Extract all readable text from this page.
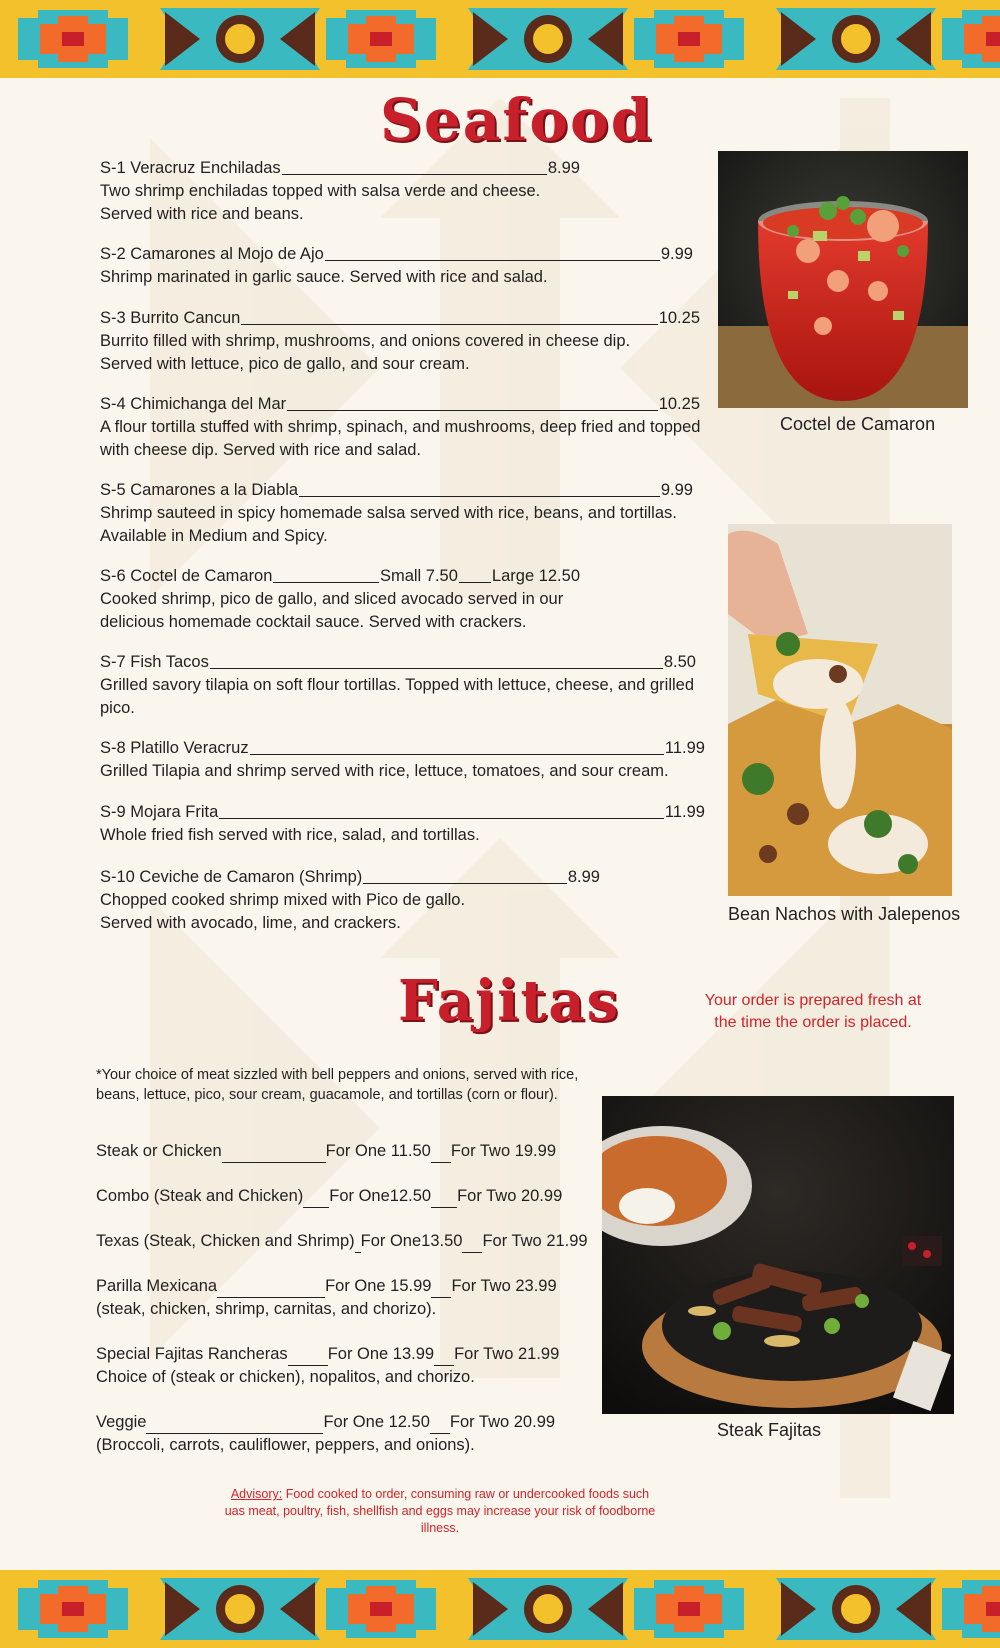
Seafood
S-1 Veracruz Enchiladas	8.99
Two shrimp enchiladas topped with salsa verde and cheese.
Served with rice and beans.
S-2 Camarones al Mojo de Ajo	9.99
Shrimp marinated in garlic sauce. Served with rice and salad.
S-3 Burrito Cancun	10.25
Burrito filled with shrimp, mushrooms, and onions covered in cheese dip.
Served with lettuce, pico de gallo, and sour cream.
S-4 Chimichanga del Mar	10.25
A flour tortilla stuffed with shrimp, spinach, and mushrooms, deep fried and topped
with cheese dip. Served with rice and salad.
S-5 Camarones a la Diabla	9.99
Shrimp sauteed in spicy homemade salsa served with rice, beans, and tortillas.
Available in Medium and Spicy.
S-6 Coctel de Camaron	Small 7.50 Large 12.50
Cooked shrimp, pico de gallo, and sliced avocado served in our
delicious homemade cocktail sauce. Served with crackers.
S-7 Fish Tacos	8.50
Grilled savory tilapia on soft flour tortillas. Topped with lettuce, cheese, and grilled
pico.
S-8 Platillo Veracruz	11.99
Grilled Tilapia and shrimp served with rice, lettuce, tomatoes, and sour cream.
S-9 Mojara Frita	11.99
Whole fried fish served with rice, salad, and tortillas.
S-10 Ceviche de Camaron (Shrimp)	8.99
Chopped cooked shrimp mixed with Pico de gallo.
Served with avocado, lime, and crackers.
Coctel de Camaron
Bean Nachos with Jalepenos
Fajitas	Your order is prepared fresh at
the time the order is placed.
*Your choice of meat sizzled with bell peppers and onions, served with rice,
beans, lettuce, pico, sour cream, guacamole, and tortillas (corn or flour).
Steak or Chicken	For One 11.50 For Two 19.99
Combo (Steak and Chicken) For One12.50 For Two 20.99
Texas (Steak, Chicken and Shrimp) For One13.50 For Two 21.99
Parilla Mexicana	For One 15.99 For Two 23.99
(steak, chicken, shrimp, carnitas, and chorizo).
Special Fajitas Rancheras For One 13.99 For Two 21.99
Choice of (steak or chicken), nopalitos, and chorizo.
Veggie	For One 12.50 For Two 20.99
(Broccoli, carrots, cauliflower, peppers, and onions).
Steak Fajitas
Advisory: Food cooked to order, consuming raw or undercooked foods such uas meat, poultry, fish, shellfish and eggs may increase your risk of foodborne illness.
